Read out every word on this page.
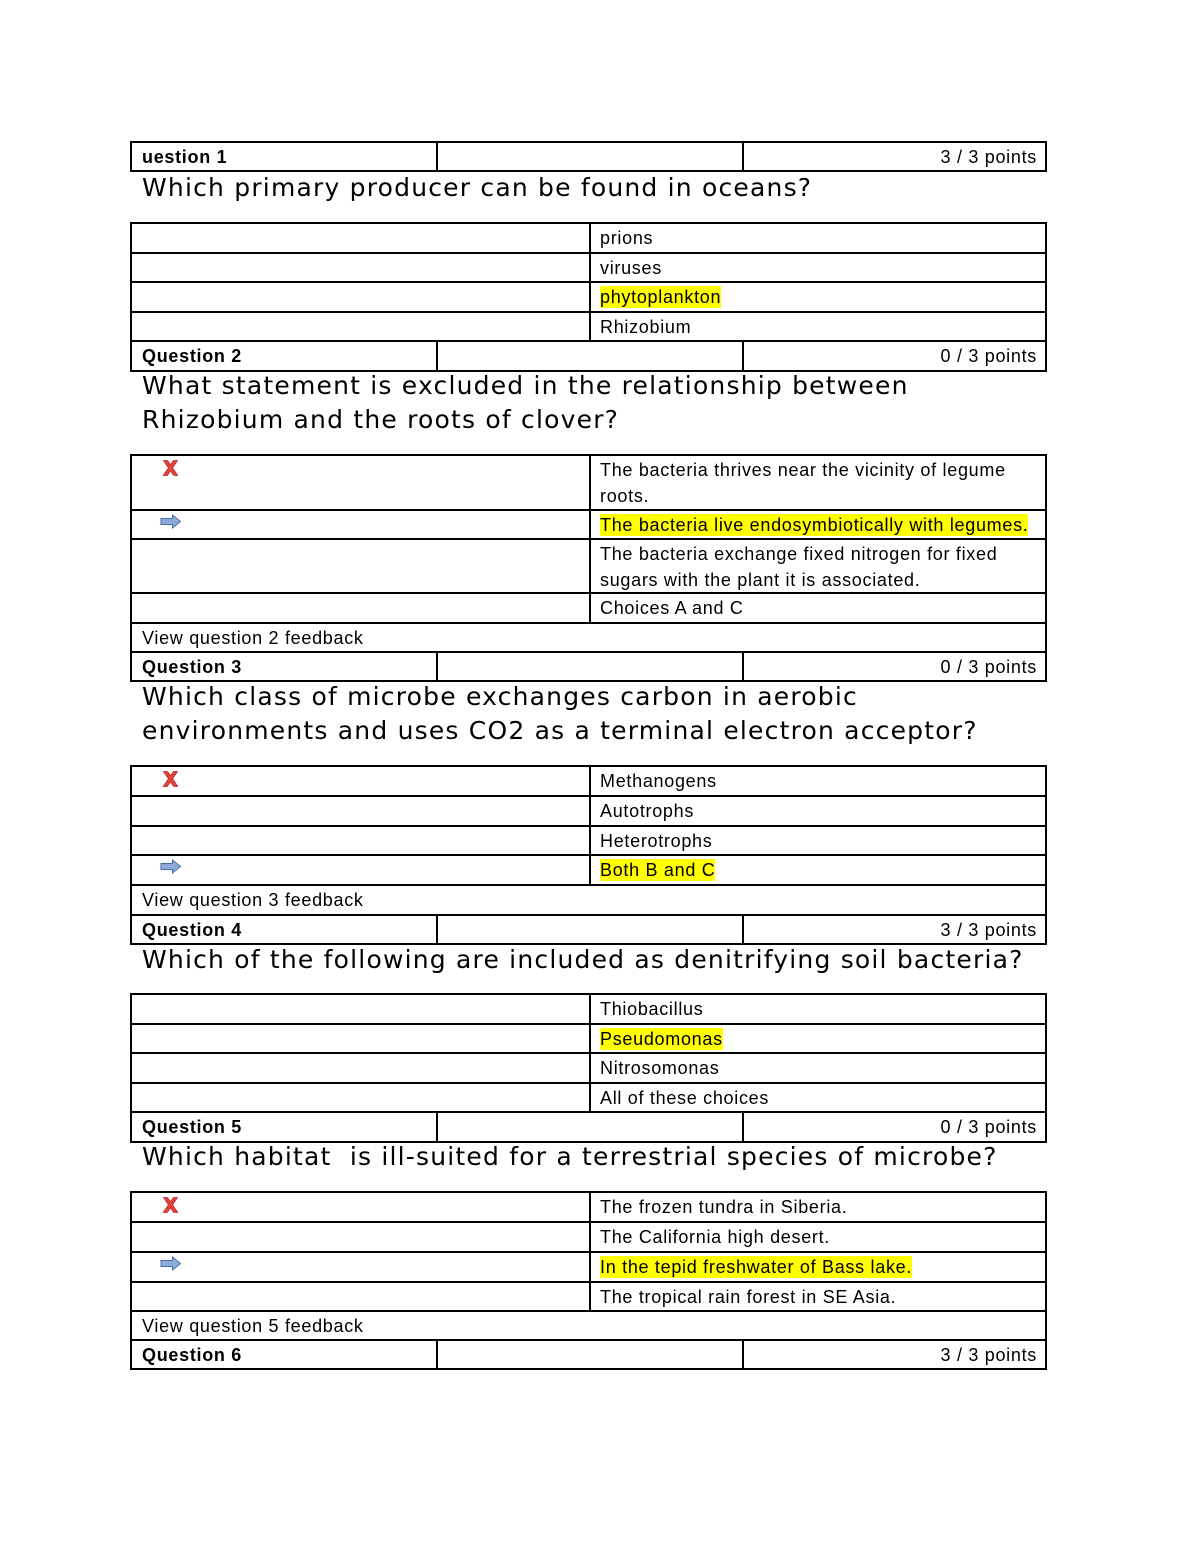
uestion 1	3 / 3 points
Which primary producer can be found in oceans?
prions
viruses
phytoplankton
Rhizobium
Question 2	0 / 3 points
What statement is excluded in the relationship between
Rhizobium and the roots of clover?
The bacteria thrives near the vicinity of legume
roots.
The bacteria live endosymbiotically with legumes.
The bacteria exchange fixed nitrogen for fixed
sugars with the plant it is associated.
Choices A and C
View question 2 feedback
Question 3	0 / 3 points
Which class of microbe exchanges carbon in aerobic
environments and uses CO2 as a terminal electron acceptor?
Methanogens
Autotrophs
Heterotrophs
Both B and C
View question 3 feedback
Question 4	3 / 3 points
Which of the following are included as denitrifying soil bacteria?
Thiobacillus
Pseudomonas
Nitrosomonas
All of these choices
Question 5	0 / 3 points
Which habitat  is ill-suited for a terrestrial species of microbe?
The frozen tundra in Siberia.
The California high desert.
In the tepid freshwater of Bass lake.
The tropical rain forest in SE Asia.
View question 5 feedback
Question 6	3 / 3 points
